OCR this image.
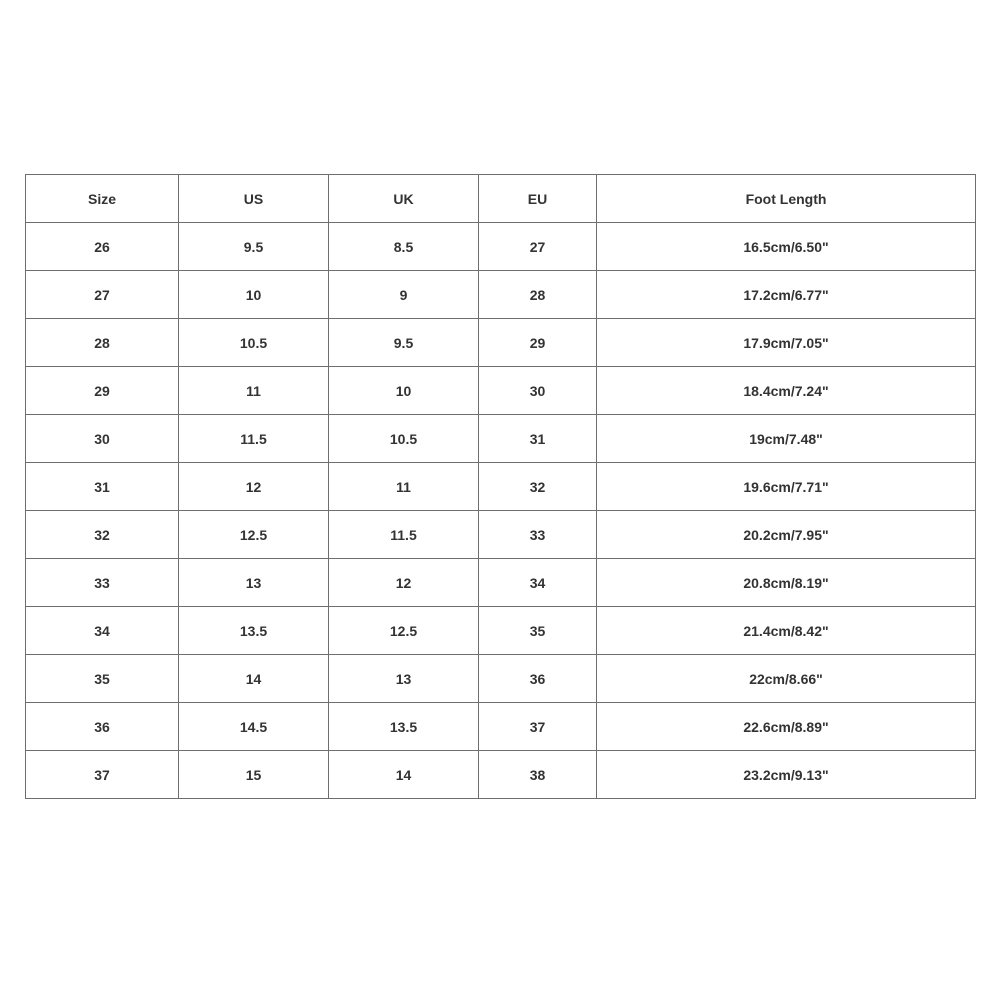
Size	US	UK	EU	Foot Length
26	9.5	8.5	27	16.5cm/6.50"
27	10	9	28	17.2cm/6.77"
28	10.5	9.5	29	17.9cm/7.05"
29	11	10	30	18.4cm/7.24"
30	11.5	10.5	31	19cm/7.48"
31	12	11	32	19.6cm/7.71"
32	12.5	11.5	33	20.2cm/7.95"
33	13	12	34	20.8cm/8.19"
34	13.5	12.5	35	21.4cm/8.42"
35	14	13	36	22cm/8.66"
36	14.5	13.5	37	22.6cm/8.89"
37	15	14	38	23.2cm/9.13"
